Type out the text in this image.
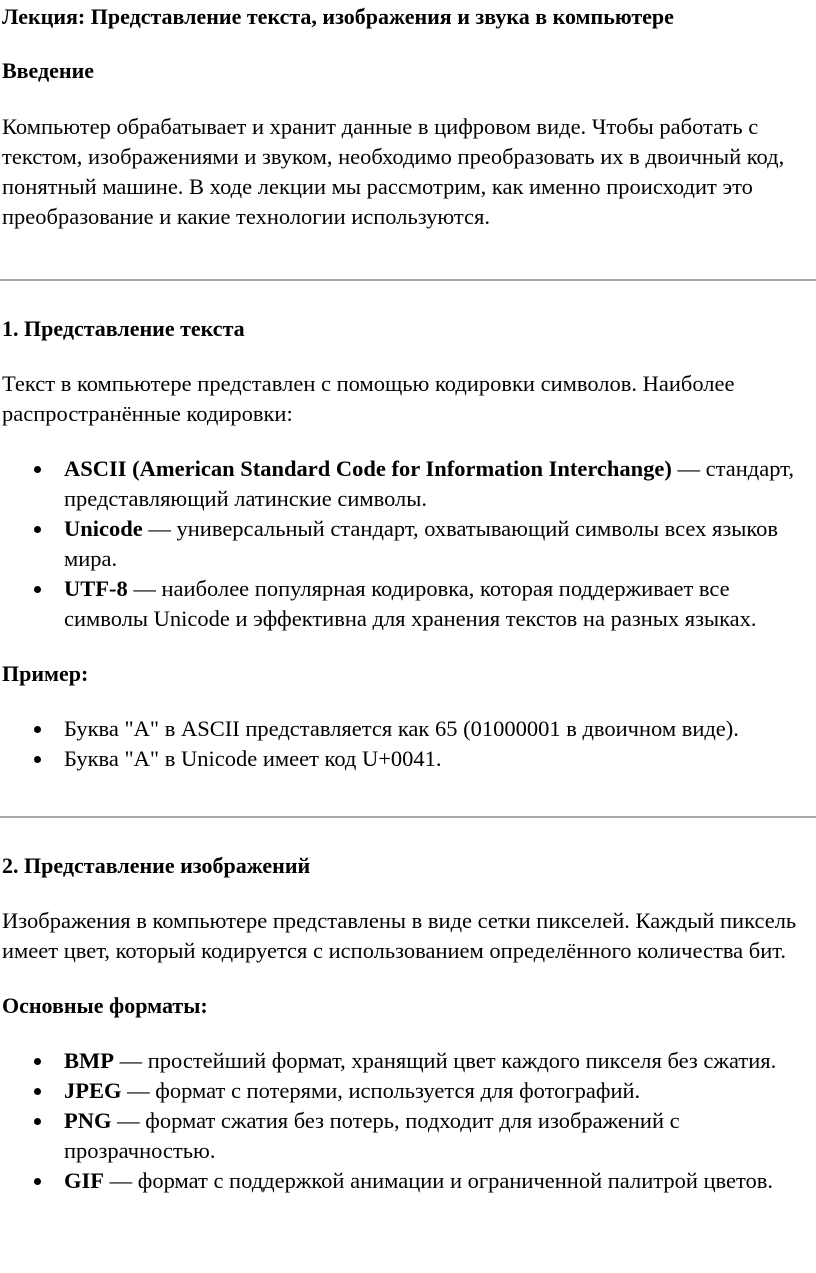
Лекция: Представление текста, изображения и звука в компьютере
Введение

Компьютер обрабатывает и хранит данные в цифровом виде. Чтобы работать с текстом, изображениями и звуком, необходимо преобразовать их в двоичный код, понятный машине. В ходе лекции мы рассмотрим, как именно происходит это преобразование и какие технологии используются.

1. Представление текста

Текст в компьютере представлен с помощью кодировки символов. Наиболее распространённые кодировки:

ASCII (American Standard Code for Information Interchange) — стандарт, представляющий латинские символы.
Unicode — универсальный стандарт, охватывающий символы всех языков мира.
UTF-8 — наиболее популярная кодировка, которая поддерживает все символы Unicode и эффективна для хранения текстов на разных языках.
Пример:
Буква "A" в ASCII представляется как 65 (01000001 в двоичном виде).
Буква "A" в Unicode имеет код U+0041.
2. Представление изображений

Изображения в компьютере представлены в виде сетки пикселей. Каждый пиксель имеет цвет, который кодируется с использованием определённого количества бит.

Основные форматы:
BMP — простейший формат, хранящий цвет каждого пикселя без сжатия.
JPEG — формат с потерями, используется для фотографий.
PNG — формат сжатия без потерь, подходит для изображений с прозрачностью.
GIF — формат с поддержкой анимации и ограниченной палитрой цветов.
